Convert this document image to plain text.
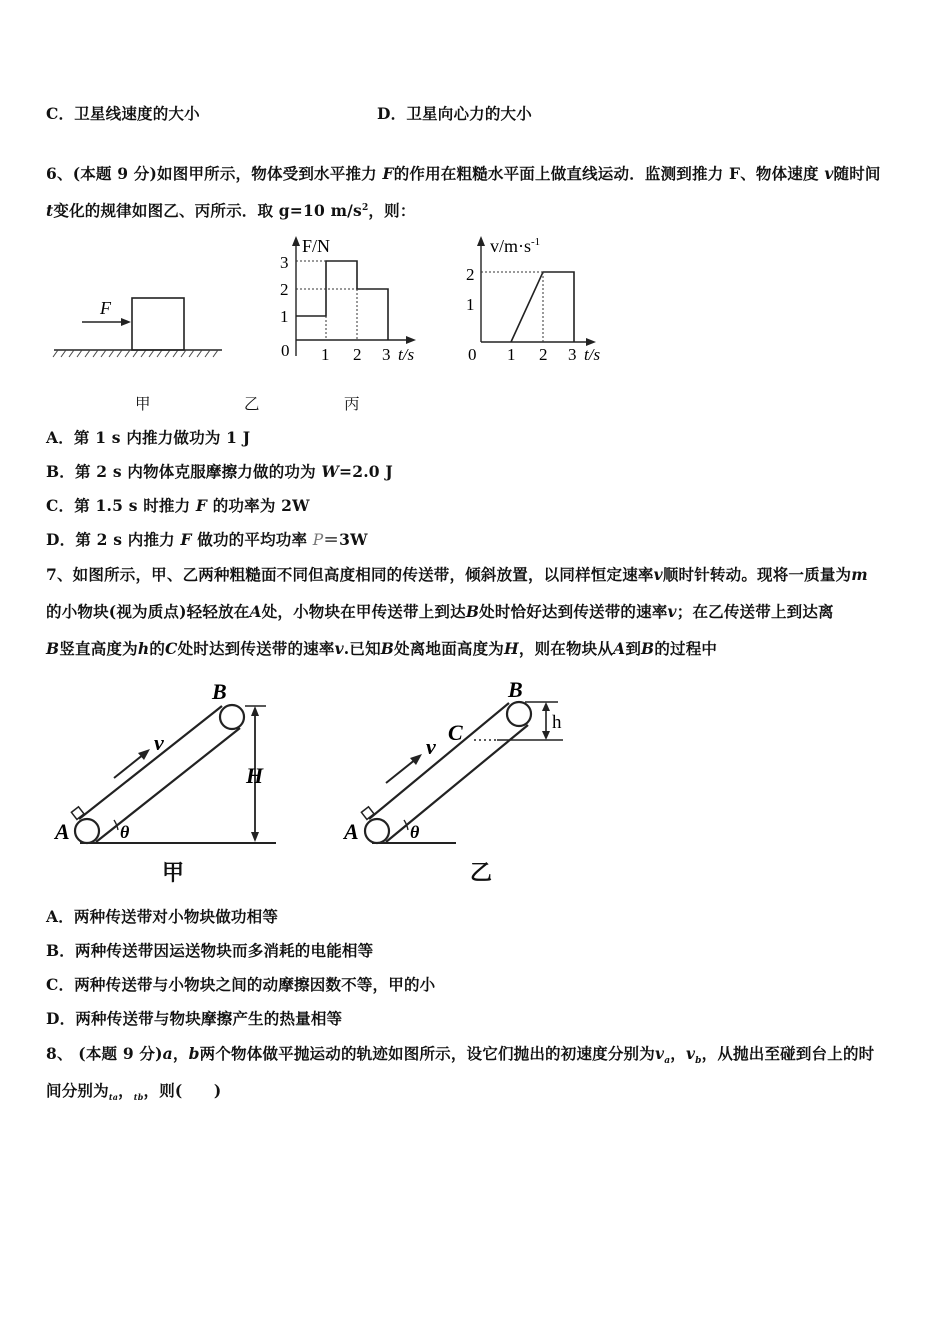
C．卫星线速度的大小	D．卫星向心力的大小
6、(本题 9 分)如图甲所示，物体受到水平推力 F的作用在粗糙水平面上做直线运动．监测到推力 F、物体速度 v随时间
t变化的规律如图乙、丙所示．取 g=10 $m/s^2$，则：
F
F/N
3
2
1
0 1 2 3 t/s
$v/m\cdot s^{-1}$
2
1
0 1 2 3 t/s
甲	乙	丙
A．第 1 s 内推力做功为 1 J
B．第 2 s 内物体克服摩擦力做的功为 W=2.0 J
C．第 1.5 s 时推力 F 的功率为 2W
D．第 2 s 内推力 F 做功的平均功率 P＝3W
7、如图所示，甲、乙两种粗糙面不同但高度相同的传送带，倾斜放置，以同样恒定速率v顺时针转动。现将一质量为m
的小物块(视为质点)轻轻放在A处，小物块在甲传送带上到达B处时恰好达到传送带的速率v；在乙传送带上到达离
B竖直高度为h的C处时达到传送带的速率v.已知B处离地面高度为H，则在物块从A到B的过程中
B
v
H
A	θ
B
C	h
v
A	θ
甲	乙
A．两种传送带对小物块做功相等
B．两种传送带因运送物块而多消耗的电能相等
C．两种传送带与小物块之间的动摩擦因数不等，甲的小
D．两种传送带与物块摩擦产生的热量相等
8、 (本题 9 分)a，b两个物体做平抛运动的轨迹如图所示，设它们抛出的初速度分别为$v_a$，$v_b$，从抛出至碰到台上的时
间分别为$_{ta}$，$_{tb}$，则(　　)
